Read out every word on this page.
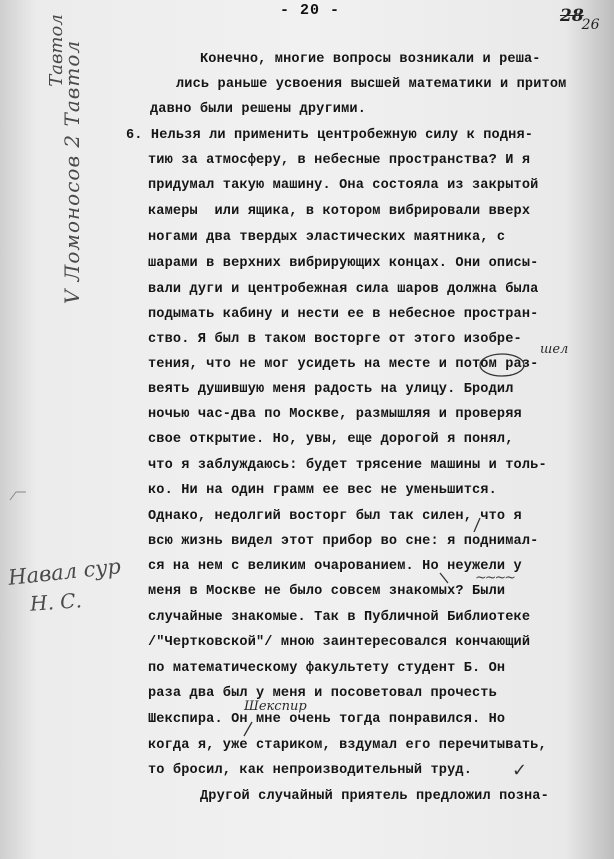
- 20 -	$28_{26}$
Конечно, многие вопросы возникали и реша-
лись раньше усвоения высшей математики и притом
давно были решены другими.
6. Нельзя ли применить центробежную силу к подня-
тию за атмосферу, в небесные пространства? И я
придумал такую машину. Она состояла из закрытой
камеры  или ящика, в котором вибрировали вверх
ногами два твердых эластических маятника, с
шарами в верхних вибрирующих концах. Они описы-
вали дуги и центробежная сила шаров должна была
подымать кабину и нести ее в небесное простран-
ство. Я был в таком восторге от этого изобре-
тения, что не мог усидеть на месте и потом раз-
веять душившую меня радость на улицу. Бродил
ночью час-два по Москве, размышляя и проверяя
свое открытие. Но, увы, еще дорогой я понял,
что я заблуждаюсь: будет трясение машины и толь-
ко. Ни на один грамм ее вес не уменьшится.
Однако, недолгий восторг был так силен, что я
всю жизнь видел этот прибор во сне: я поднимал-
ся на нем с великим очарованием. Но неужели у
меня в Москве не было совсем знакомых? Были
случайные знакомые. Так в Публичной Библиотеке
/"Чертковской"/ мною заинтересовался кончающий
по математическому факультету студент Б. Он
раза два был у меня и посоветовал прочесть
Шекспира. Он мне очень тогда понравился. Но
когда я, уже стариком, вздумал его перечитывать,
то бросил, как непроизводительный труд.
Другой случайный приятель предложил позна-
шел
Шекспир
~~~~
✓
V Ломоносов 2 Тавтол
Тавтол
Навал сур
Н. С.
